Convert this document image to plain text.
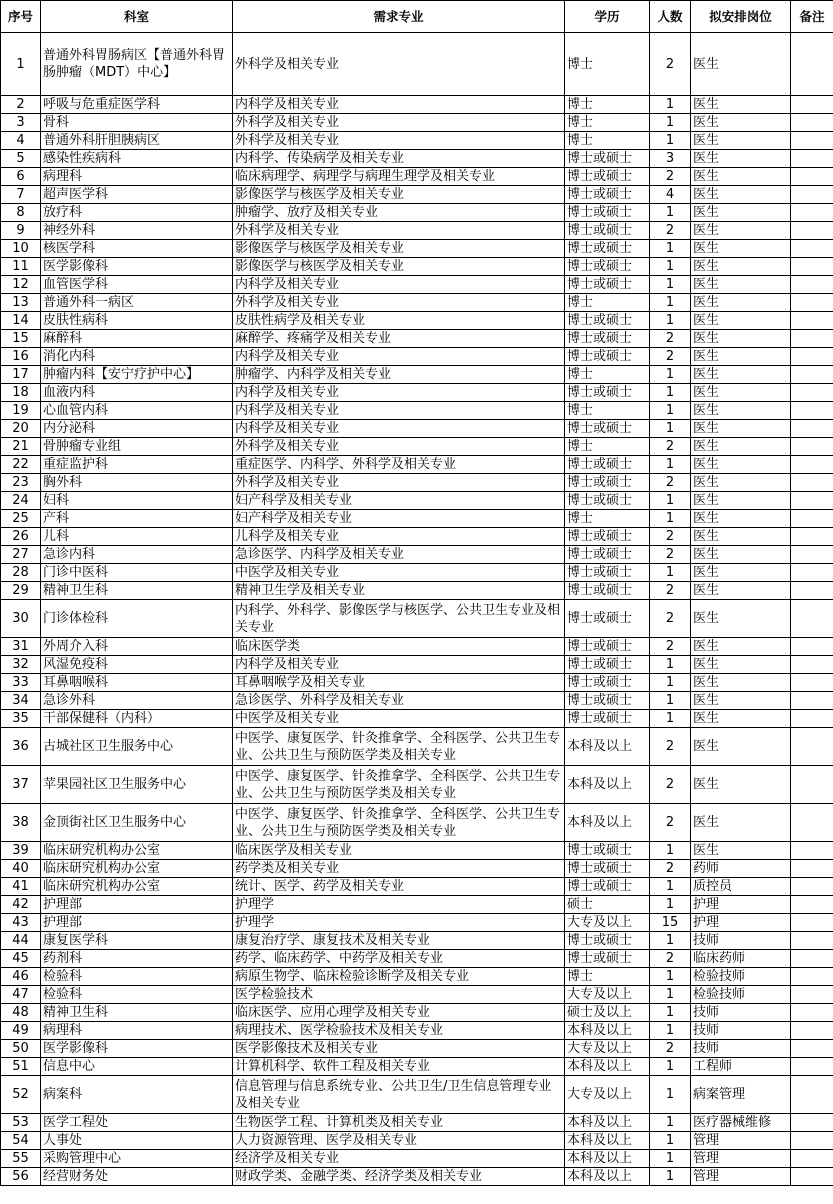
序号	科室	需求专业	学历	人数	拟安排岗位	备注
1	普通外科胃肠病区【普通外科胃肠肿瘤（MDT）中心】	外科学及相关专业	博士	2	医生	
2	呼吸与危重症医学科	内科学及相关专业	博士	1	医生	
3	骨科	外科学及相关专业	博士	1	医生	
4	普通外科肝胆胰病区	外科学及相关专业	博士	1	医生	
5	感染性疾病科	内科学、传染病学及相关专业	博士或硕士	3	医生	
6	病理科	临床病理学、病理学与病理生理学及相关专业	博士或硕士	2	医生	
7	超声医学科	影像医学与核医学及相关专业	博士或硕士	4	医生	
8	放疗科	肿瘤学、放疗及相关专业	博士或硕士	1	医生	
9	神经外科	外科学及相关专业	博士或硕士	2	医生	
10	核医学科	影像医学与核医学及相关专业	博士或硕士	1	医生	
11	医学影像科	影像医学与核医学及相关专业	博士或硕士	1	医生	
12	血管医学科	内科学及相关专业	博士或硕士	1	医生	
13	普通外科一病区	外科学及相关专业	博士	1	医生	
14	皮肤性病科	皮肤性病学及相关专业	博士或硕士	1	医生	
15	麻醉科	麻醉学、疼痛学及相关专业	博士或硕士	2	医生	
16	消化内科	内科学及相关专业	博士或硕士	2	医生	
17	肿瘤内科【安宁疗护中心】	肿瘤学、内科学及相关专业	博士	1	医生	
18	血液内科	内科学及相关专业	博士或硕士	1	医生	
19	心血管内科	内科学及相关专业	博士	1	医生	
20	内分泌科	内科学及相关专业	博士或硕士	1	医生	
21	骨肿瘤专业组	外科学及相关专业	博士	2	医生	
22	重症监护科	重症医学、内科学、外科学及相关专业	博士或硕士	1	医生	
23	胸外科	外科学及相关专业	博士或硕士	2	医生	
24	妇科	妇产科学及相关专业	博士或硕士	1	医生	
25	产科	妇产科学及相关专业	博士	1	医生	
26	儿科	儿科学及相关专业	博士或硕士	2	医生	
27	急诊内科	急诊医学、内科学及相关专业	博士或硕士	2	医生	
28	门诊中医科	中医学及相关专业	博士或硕士	1	医生	
29	精神卫生科	精神卫生学及相关专业	博士或硕士	2	医生	
30	门诊体检科	内科学、外科学、影像医学与核医学、公共卫生专业及相关专业	博士或硕士	2	医生	
31	外周介入科	临床医学类	博士或硕士	2	医生	
32	风湿免疫科	内科学及相关专业	博士或硕士	1	医生	
33	耳鼻咽喉科	耳鼻咽喉学及相关专业	博士或硕士	1	医生	
34	急诊外科	急诊医学、外科学及相关专业	博士或硕士	1	医生	
35	干部保健科（内科）	中医学及相关专业	博士或硕士	1	医生	
36	古城社区卫生服务中心	中医学、康复医学、针灸推拿学、全科医学、公共卫生专业、公共卫生与预防医学类及相关专业	本科及以上	2	医生	
37	苹果园社区卫生服务中心	中医学、康复医学、针灸推拿学、全科医学、公共卫生专业、公共卫生与预防医学类及相关专业	本科及以上	2	医生	
38	金顶街社区卫生服务中心	中医学、康复医学、针灸推拿学、全科医学、公共卫生专业、公共卫生与预防医学类及相关专业	本科及以上	2	医生	
39	临床研究机构办公室	临床医学及相关专业	博士或硕士	1	医生	
40	临床研究机构办公室	药学类及相关专业	博士或硕士	2	药师	
41	临床研究机构办公室	统计、医学、药学及相关专业	博士或硕士	1	质控员	
42	护理部	护理学	硕士	1	护理	
43	护理部	护理学	大专及以上	15	护理	
44	康复医学科	康复治疗学、康复技术及相关专业	博士或硕士	1	技师	
45	药剂科	药学、临床药学、中药学及相关专业	博士或硕士	2	临床药师	
46	检验科	病原生物学、临床检验诊断学及相关专业	博士	1	检验技师	
47	检验科	医学检验技术	大专及以上	1	检验技师	
48	精神卫生科	临床医学、应用心理学及相关专业	硕士及以上	1	技师	
49	病理科	病理技术、医学检验技术及相关专业	本科及以上	1	技师	
50	医学影像科	医学影像技术及相关专业	大专及以上	2	技师	
51	信息中心	计算机科学、软件工程及相关专业	本科及以上	1	工程师	
52	病案科	信息管理与信息系统专业、公共卫生/卫生信息管理专业及相关专业	大专及以上	1	病案管理	
53	医学工程处	生物医学工程、计算机类及相关专业	本科及以上	1	医疗器械维修	
54	人事处	人力资源管理、医学及相关专业	本科及以上	1	管理	
55	采购管理中心	经济学及相关专业	本科及以上	1	管理	
56	经营财务处	财政学类、金融学类、经济学类及相关专业	本科及以上	1	管理	
